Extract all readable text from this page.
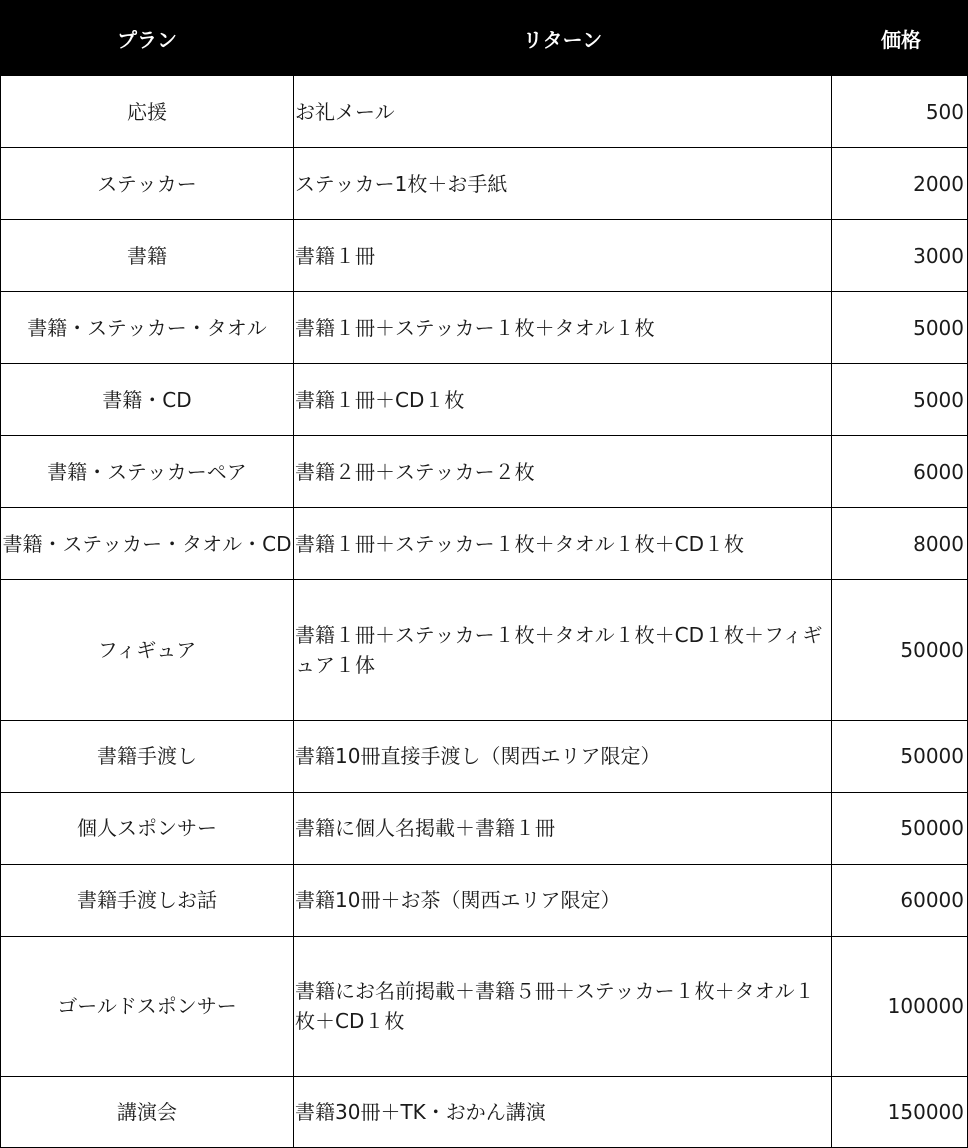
プラン	リターン	価格
応援	お礼メール	500
ステッカー	ステッカー1枚＋お手紙	2000
書籍	書籍１冊	3000
書籍・ステッカー・タオル	書籍１冊＋ステッカー１枚＋タオル１枚	5000
書籍・CD	書籍１冊＋CD１枚	5000
書籍・ステッカーペア	書籍２冊＋ステッカー２枚	6000
書籍・ステッカー・タオル・CD	書籍１冊＋ステッカー１枚＋タオル１枚＋CD１枚	8000
フィギュア	書籍１冊＋ステッカー１枚＋タオル１枚＋CD１枚＋フィギュア１体	50000
書籍手渡し	書籍10冊直接手渡し（関西エリア限定）	50000
個人スポンサー	書籍に個人名掲載＋書籍１冊	50000
書籍手渡しお話	書籍10冊＋お茶（関西エリア限定）	60000
ゴールドスポンサー	書籍にお名前掲載＋書籍５冊＋ステッカー１枚＋タオル１枚＋CD１枚	100000
講演会	書籍30冊＋TK・おかん講演	150000
